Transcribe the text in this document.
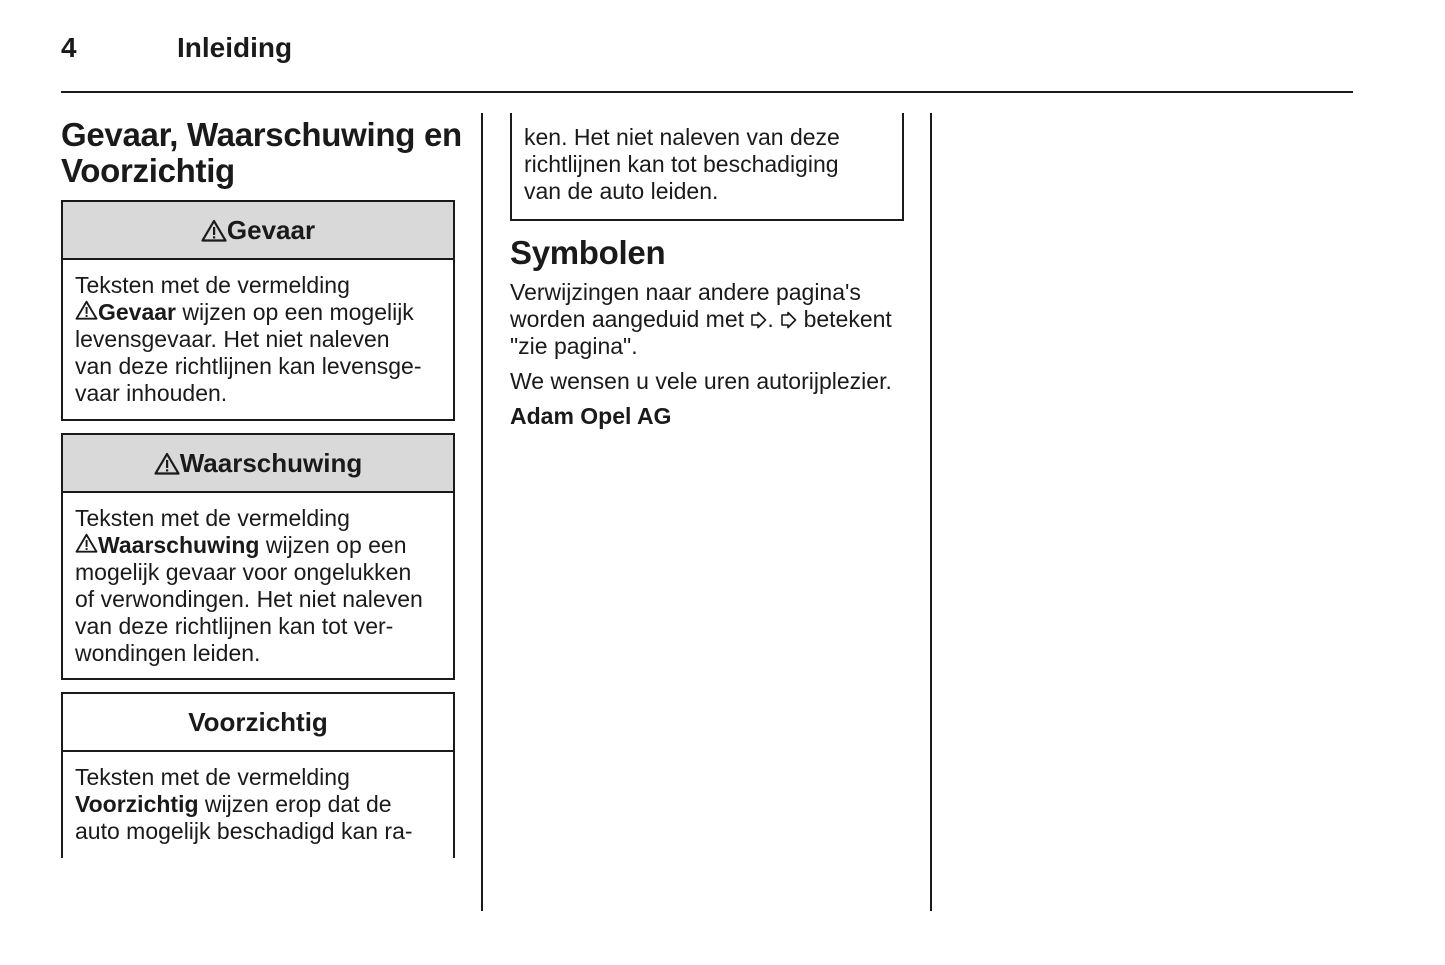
4	Inleiding
Gevaar, Waarschuwing en
Voorzichtig
Gevaar

Teksten met de vermelding

Gevaar wijzen op een mogelijk

levensgevaar. Het niet naleven

van deze richtlijnen kan levensge-

vaar inhouden.

Waarschuwing

Teksten met de vermelding

Waarschuwing wijzen op een

mogelijk gevaar voor ongelukken

of verwondingen. Het niet naleven

van deze richtlijnen kan tot ver-

wondingen leiden.

Voorzichtig

Teksten met de vermelding

Voorzichtig wijzen erop dat de

auto mogelijk beschadigd kan ra-

ken. Het niet naleven van deze

richtlijnen kan tot beschadiging

van de auto leiden.

Symbolen

Verwijzingen naar andere pagina's

worden aangeduid met .
betekent

"zie pagina".

We wensen u vele uren autorijplezier.
Adam Opel AG
